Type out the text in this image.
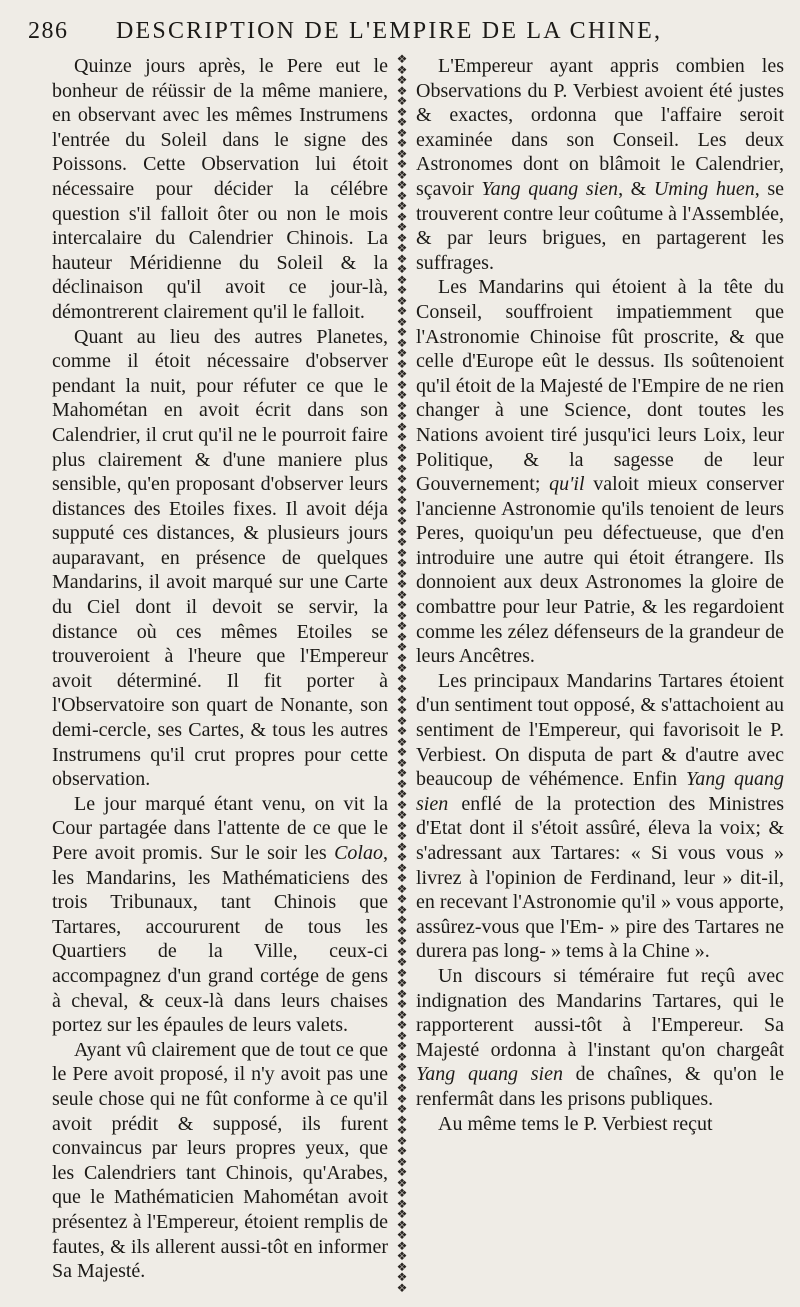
286 DESCRIPTION DE L'EMPIRE DE LA CHINE,

Quinze jours après, le Pere eut le bonheur de réüssir de la même maniere, en observant avec les mêmes Instrumens l'entrée du Soleil dans le signe des Poissons. Cette Observation lui étoit nécessaire pour décider la célébre question s'il falloit ôter ou non le mois intercalaire du Calendrier Chinois. La hauteur Méridienne du Soleil & la déclinaison qu'il avoit ce jour-là, démontrerent clairement qu'il le falloit.

Quant au lieu des autres Planetes, comme il étoit nécessaire d'observer pendant la nuit, pour réfuter ce que le Mahométan en avoit écrit dans son Calendrier, il crut qu'il ne le pourroit faire plus clairement & d'une maniere plus sensible, qu'en proposant d'observer leurs distances des Etoiles fixes. Il avoit déja supputé ces distances, & plusieurs jours auparavant, en présence de quelques Mandarins, il avoit marqué sur une Carte du Ciel dont il devoit se servir, la distance où ces mêmes Etoiles se trouveroient à l'heure que l'Empereur avoit déterminé. Il fit porter à l'Observatoire son quart de Nonante, son demi-cercle, ses Cartes, & tous les autres Instrumens qu'il crut propres pour cette observation.

Le jour marqué étant venu, on vit la Cour partagée dans l'attente de ce que le Pere avoit promis. Sur le soir les Colao, les Mandarins, les Mathématiciens des trois Tribunaux, tant Chinois que Tartares, accoururent de tous les Quartiers de la Ville, ceux-ci accompagnez d'un grand cortége de gens à cheval, & ceux-là dans leurs chaises portez sur les épaules de leurs valets.

Ayant vû clairement que de tout ce que le Pere avoit proposé, il n'y avoit pas une seule chose qui ne fût conforme à ce qu'il avoit prédit & supposé, ils furent convaincus par leurs propres yeux, que les Calendriers tant Chinois, qu'Arabes, que le Mathématicien Mahométan avoit présentez à l'Empereur, étoient remplis de fautes, & ils allerent aussi-tôt en informer Sa Majesté.

❖
❖
❖
❖
❖
❖
❖
❖
❖
❖
❖
❖
❖
❖
❖
❖
❖
❖
❖
❖
❖
❖
❖
❖
❖
❖
❖
❖
❖
❖
❖
❖
❖
❖
❖
❖
❖
❖
❖
❖
❖
❖
❖
❖
❖
❖
❖
❖
❖
❖
❖
❖
❖
❖
❖
❖
❖
❖
❖
❖
❖
❖
❖
❖
❖
❖
❖
❖
❖
❖
❖
❖
❖
❖
❖
❖
❖
❖
❖
❖
❖
❖
❖
❖
❖
❖
❖
❖
❖
❖
❖
❖
❖
❖
❖
❖
❖
❖
❖
❖
❖
❖
❖
❖
❖
❖
❖
❖
❖
❖
❖
❖
❖
❖
❖
❖
❖
❖

L'Empereur ayant appris combien les Observations du P. Verbiest avoient été justes & exactes, ordonna que l'affaire seroit examinée dans son Conseil. Les deux Astronomes dont on blâmoit le Calendrier, sçavoir Yang quang sien, & Uming huen, se trouverent contre leur coûtume à l'Assemblée, & par leurs brigues, en partagerent les suffrages.

Les Mandarins qui étoient à la tête du Conseil, souffroient impatiemment que l'Astronomie Chinoise fût proscrite, & que celle d'Europe eût le dessus. Ils soûtenoient qu'il étoit de la Majesté de l'Empire de ne rien changer à une Science, dont toutes les Nations avoient tiré jusqu'ici leurs Loix, leur Politique, & la sagesse de leur Gouvernement; qu'il valoit mieux conserver l'ancienne Astronomie qu'ils tenoient de leurs Peres, quoiqu'un peu défectueuse, que d'en introduire une autre qui étoit étrangere. Ils donnoient aux deux Astronomes la gloire de combattre pour leur Patrie, & les regardoient comme les zélez défenseurs de la grandeur de leurs Ancêtres.

Les principaux Mandarins Tartares étoient d'un sentiment tout opposé, & s'attachoient au sentiment de l'Empereur, qui favorisoit le P. Verbiest. On disputa de part & d'autre avec beaucoup de véhémence. Enfin Yang quang sien enflé de la protection des Ministres d'Etat dont il s'étoit assûré, éleva la voix; & s'adressant aux Tartares: « Si vous vous » livrez à l'opinion de Ferdinand, leur » dit-il, en recevant l'Astronomie qu'il » vous apporte, assûrez-vous que l'Em- » pire des Tartares ne durera pas long- » tems à la Chine ».

Un discours si téméraire fut reçû avec indignation des Mandarins Tartares, qui le rapporterent aussi-tôt à l'Empereur. Sa Majesté ordonna à l'instant qu'on chargeât Yang quang sien de chaînes, & qu'on le renfermât dans les prisons publiques.

Au même tems le P. Verbiest reçut
